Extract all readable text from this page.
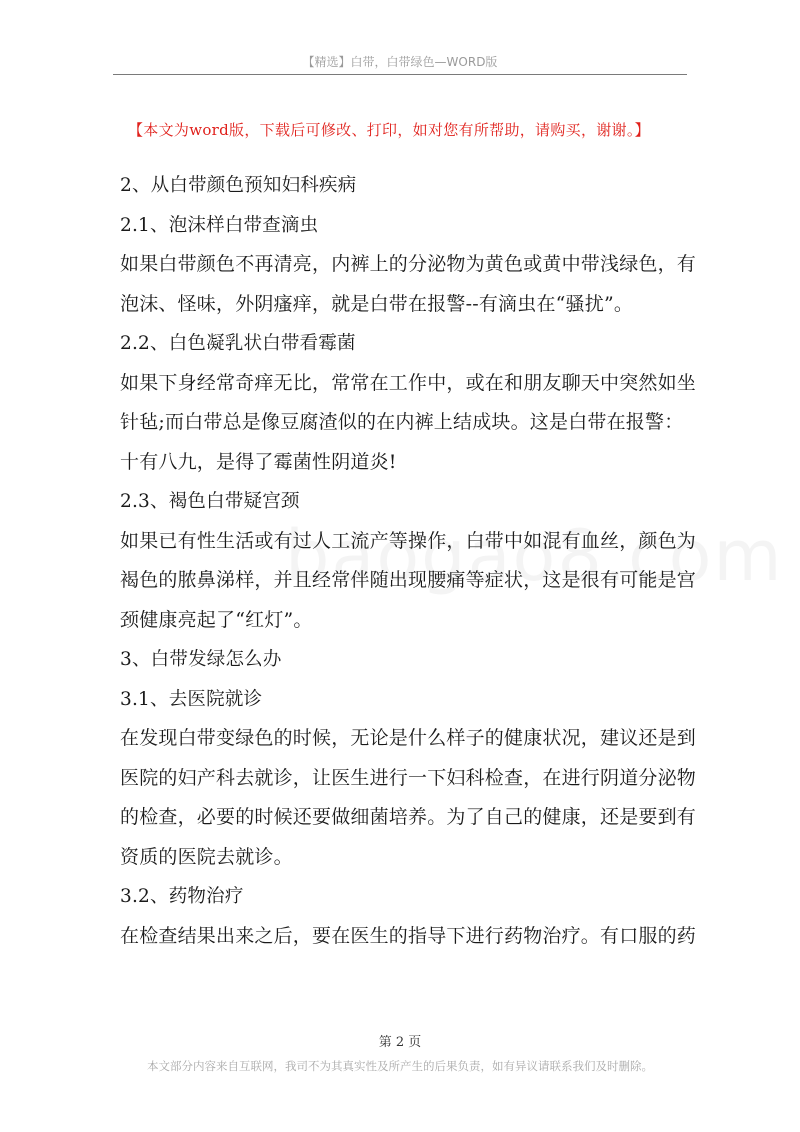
【精选】白带，白带绿色—WORD版
【本文为word版，下载后可修改、打印，如对您有所帮助，请购买，谢谢。】
2、从白带颜色预知妇科疾病
2.1、泡沫样白带查滴虫
如果白带颜色不再清亮，内裤上的分泌物为黄色或黄中带浅绿色，有
泡沫、怪味，外阴瘙痒，就是白带在报警--有滴虫在“骚扰”。
2.2、白色凝乳状白带看霉菌
如果下身经常奇痒无比，常常在工作中，或在和朋友聊天中突然如坐
针毡;而白带总是像豆腐渣似的在内裤上结成块。这是白带在报警：
十有八九，是得了霉菌性阴道炎!
2.3、褐色白带疑宫颈
如果已有性生活或有过人工流产等操作，白带中如混有血丝，颜色为
褐色的脓鼻涕样，并且经常伴随出现腰痛等症状，这是很有可能是宫
颈健康亮起了“红灯”。
3、白带发绿怎么办
3.1、去医院就诊
在发现白带变绿色的时候，无论是什么样子的健康状况，建议还是到
医院的妇产科去就诊，让医生进行一下妇科检查，在进行阴道分泌物
的检查，必要的时候还要做细菌培养。为了自己的健康，还是要到有
资质的医院去就诊。
3.2、药物治疗
在检查结果出来之后，要在医生的指导下进行药物治疗。有口服的药
第 2 页
本文部分内容来自互联网，我司不为其真实性及所产生的后果负责，如有异议请联系我们及时删除。
